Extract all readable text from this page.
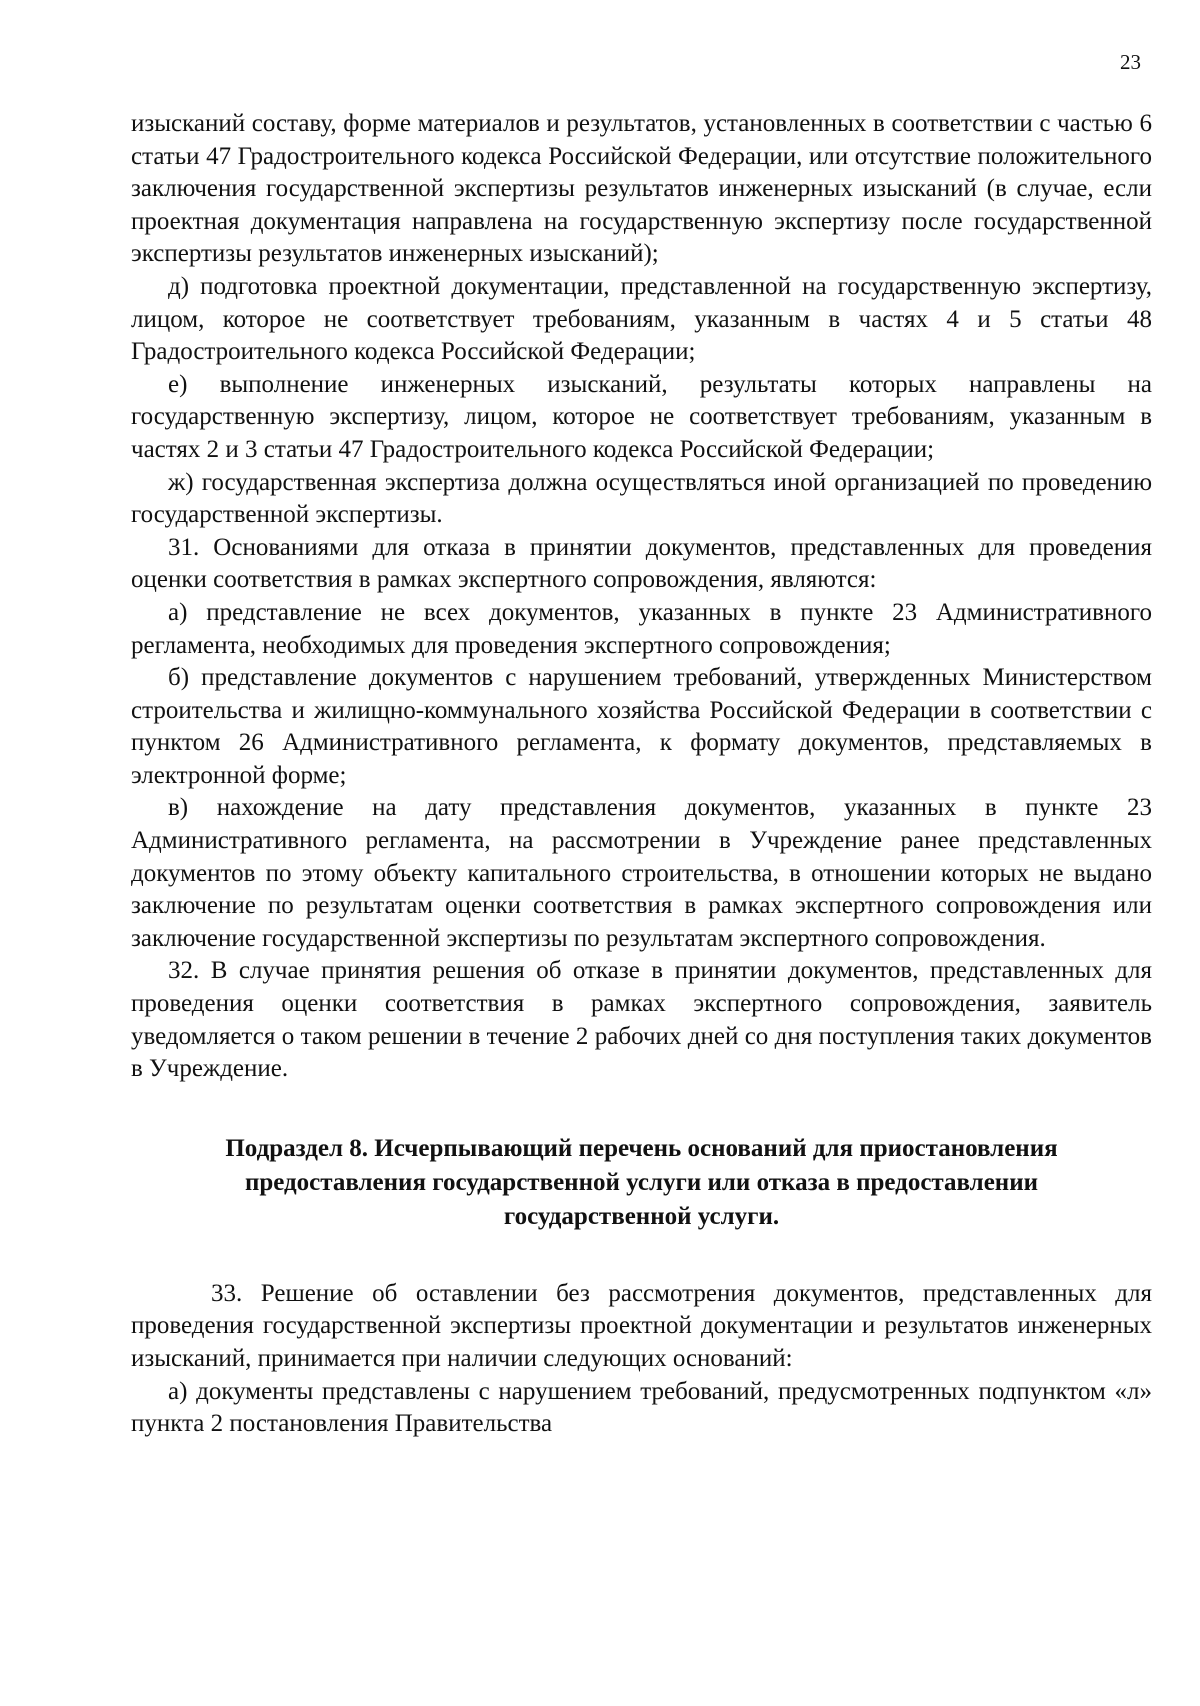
23

изысканий составу, форме материалов и результатов, установленных в соответствии с частью 6 статьи 47 Градостроительного кодекса Российской Федерации, или отсутствие положительного заключения государственной экспертизы результатов инженерных изысканий (в случае, если проектная документация направлена на государственную экспертизу после государственной экспертизы результатов инженерных изысканий);

д) подготовка проектной документации, представленной на государственную экспертизу, лицом, которое не соответствует требованиям, указанным в частях 4 и 5 статьи 48 Градостроительного кодекса Российской Федерации;

е) выполнение инженерных изысканий, результаты которых направлены на государственную экспертизу, лицом, которое не соответствует требованиям, указанным в частях 2 и 3 статьи 47 Градостроительного кодекса Российской Федерации;

ж) государственная экспертиза должна осуществляться иной организацией по проведению государственной экспертизы.

31. Основаниями для отказа в принятии документов, представленных для проведения оценки соответствия в рамках экспертного сопровождения, являются:

а) представление не всех документов, указанных в пункте 23 Административного регламента, необходимых для проведения экспертного сопровождения;

б) представление документов с нарушением требований, утвержденных Министерством строительства и жилищно-коммунального хозяйства Российской Федерации в соответствии с пунктом 26 Административного регламента, к формату документов, представляемых в электронной форме;

в) нахождение на дату представления документов, указанных в пункте 23 Административного регламента, на рассмотрении в Учреждение ранее представленных документов по этому объекту капитального строительства, в отношении которых не выдано заключение по результатам оценки соответствия в рамках экспертного сопровождения или заключение государственной экспертизы по результатам экспертного сопровождения.

32. В случае принятия решения об отказе в принятии документов, представленных для проведения оценки соответствия в рамках экспертного сопровождения, заявитель уведомляется о таком решении в течение 2 рабочих дней со дня поступления таких документов в Учреждение.

Подраздел 8. Исчерпывающий перечень оснований для приостановления предоставления государственной услуги или отказа в предоставлении государственной услуги.

33. Решение об оставлении без рассмотрения документов, представленных для проведения государственной экспертизы проектной документации и результатов инженерных изысканий, принимается при наличии следующих оснований:

а) документы представлены с нарушением требований, предусмотренных подпунктом «л» пункта 2 постановления Правительства
